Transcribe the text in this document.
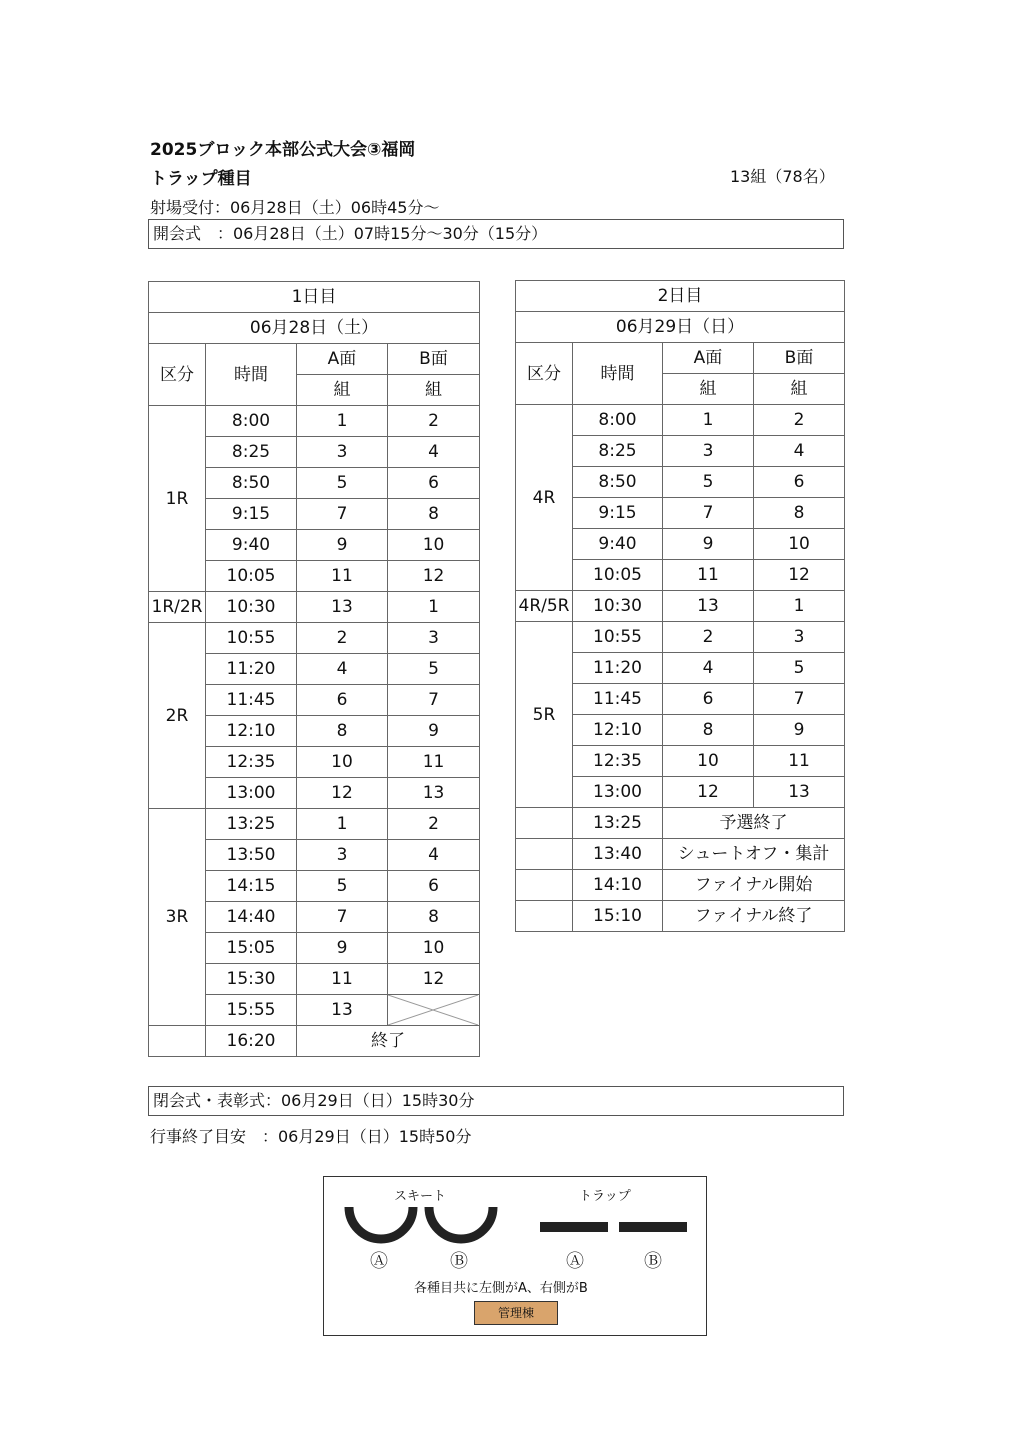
2025ブロック本部公式大会③福岡
トラップ種目	13組（78名）
射場受付：06月28日（土）06時45分～
開会式　：06月28日（土）07時15分～30分（15分）
1日目			
06月28日（土）			
区分	時間	A面	B面
		組	組
1R	8:00	1	2
	8:25	3	4
	8:50	5	6
	9:15	7	8
	9:40	9	10
	10:05	11	12
1R/2R	10:30	13	1
2R	10:55	2	3
	11:20	4	5
	11:45	6	7
	12:10	8	9
	12:35	10	11
	13:00	12	13
3R	13:25	1	2
	13:50	3	4
	14:15	5	6
	14:40	7	8
	15:05	9	10
	15:30	11	12
	15:55	13	

	16:20	終了	
2日目			
06月29日（日）			
区分	時間	A面	B面
		組	組
4R	8:00	1	2
	8:25	3	4
	8:50	5	6
	9:15	7	8
	9:40	9	10
	10:05	11	12
4R/5R	10:30	13	1
5R	10:55	2	3
	11:20	4	5
	11:45	6	7
	12:10	8	9
	12:35	10	11
	13:00	12	13
	13:25	予選終了	
	13:40	シュートオフ・集計	
	14:10	ファイナル開始	
	15:10	ファイナル終了	
閉会式・表彰式：06月29日（日）15時30分
行事終了目安　：06月29日（日）15時50分
スキート	トラップ
Ⓐ	Ⓑ	Ⓐ	Ⓑ
各種目共に左側がA、右側がB
管理棟
